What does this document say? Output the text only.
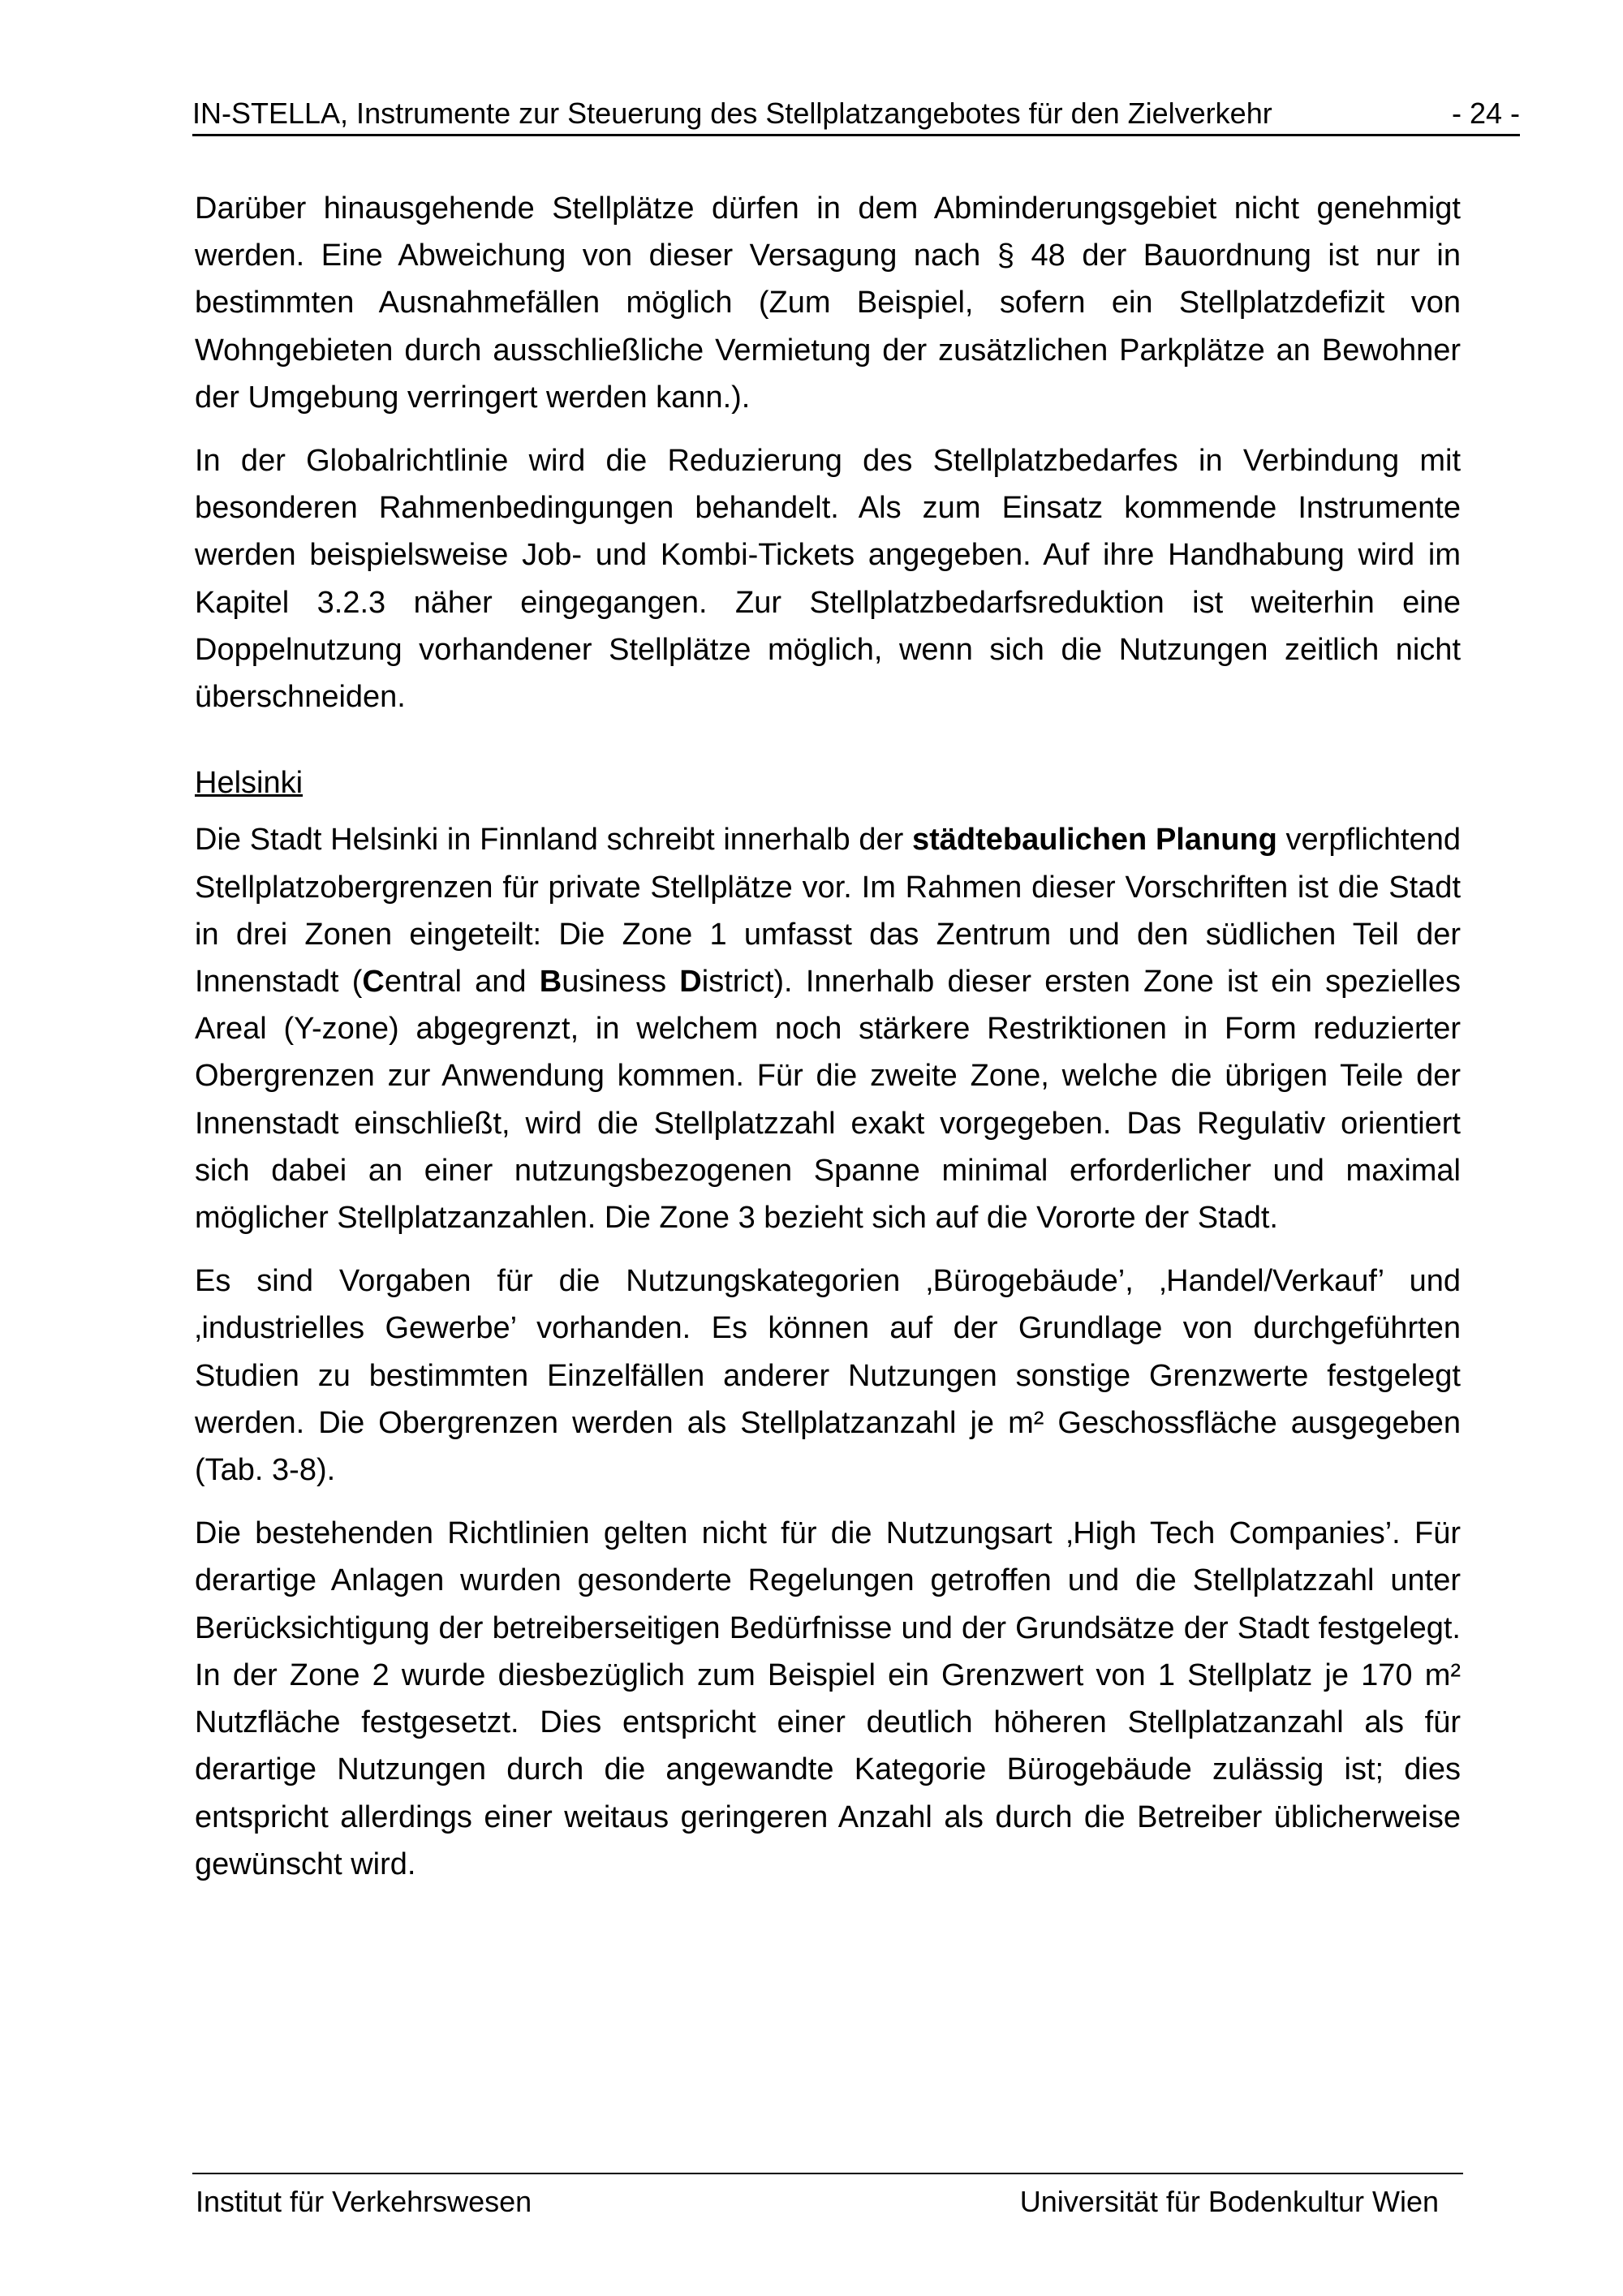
IN-STELLA, Instrumente zur Steuerung des Stellplatzangebotes für den Zielverkehr	- 24 -

Darüber hinausgehende Stellplätze dürfen in dem Abminderungsgebiet nicht genehmigt werden. Eine Abweichung von dieser Versagung nach § 48 der Bauordnung ist nur in bestimmten Ausnahmefällen möglich (Zum Beispiel, sofern ein Stellplatzdefizit von Wohngebieten durch ausschließliche Vermietung der zusätzlichen Parkplätze an Bewohner der Umgebung verringert werden kann.).

In der Globalrichtlinie wird die Reduzierung des Stellplatzbedarfes in Verbindung mit besonderen Rahmenbedingungen behandelt. Als zum Einsatz kommende Instrumente werden beispielsweise Job- und Kombi-Tickets angegeben. Auf ihre Handhabung wird im Kapitel 3.2.3 näher eingegangen. Zur Stellplatzbedarfsreduktion ist weiterhin eine Doppelnutzung vorhandener Stellplätze möglich, wenn sich die Nutzungen zeitlich nicht überschneiden.

Helsinki

Die Stadt Helsinki in Finnland schreibt innerhalb der städtebaulichen Planung verpflichtend Stellplatzobergrenzen für private Stellplätze vor. Im Rahmen dieser Vorschriften ist die Stadt in drei Zonen eingeteilt: Die Zone 1 umfasst das Zentrum und den südlichen Teil der Innenstadt (Central and Business District). Innerhalb dieser ersten Zone ist ein spezielles Areal (Y-zone) abgegrenzt, in welchem noch stärkere Restriktionen in Form reduzierter Obergrenzen zur Anwendung kommen. Für die zweite Zone, welche die übrigen Teile der Innenstadt einschließt, wird die Stellplatzzahl exakt vorgegeben. Das Regulativ orientiert sich dabei an einer nutzungsbezogenen Spanne minimal erforderlicher und maximal möglicher Stellplatzanzahlen. Die Zone 3 bezieht sich auf die Vororte der Stadt.

Es sind Vorgaben für die Nutzungskategorien ‚Bürogebäude’, ‚Handel/Verkauf’ und ‚industrielles Gewerbe’ vorhanden. Es können auf der Grundlage von durchgeführten Studien zu bestimmten Einzelfällen anderer Nutzungen sonstige Grenzwerte festgelegt werden. Die Obergrenzen werden als Stellplatzanzahl je m² Geschossfläche ausgegeben (Tab. 3-8).

Die bestehenden Richtlinien gelten nicht für die Nutzungsart ‚High Tech Companies’. Für derartige Anlagen wurden gesonderte Regelungen getroffen und die Stellplatzzahl unter Berücksichtigung der betreiberseitigen Bedürfnisse und der Grundsätze der Stadt festgelegt. In der Zone 2 wurde diesbezüglich zum Beispiel ein Grenzwert von 1 Stellplatz je 170 m² Nutzfläche festgesetzt. Dies entspricht einer deutlich höheren Stellplatzanzahl als für derartige Nutzungen durch die angewandte Kategorie Bürogebäude zulässig ist; dies entspricht allerdings einer weitaus geringeren Anzahl als durch die Betreiber üblicherweise gewünscht wird.

Institut für Verkehrswesen	Universität für Bodenkultur Wien
